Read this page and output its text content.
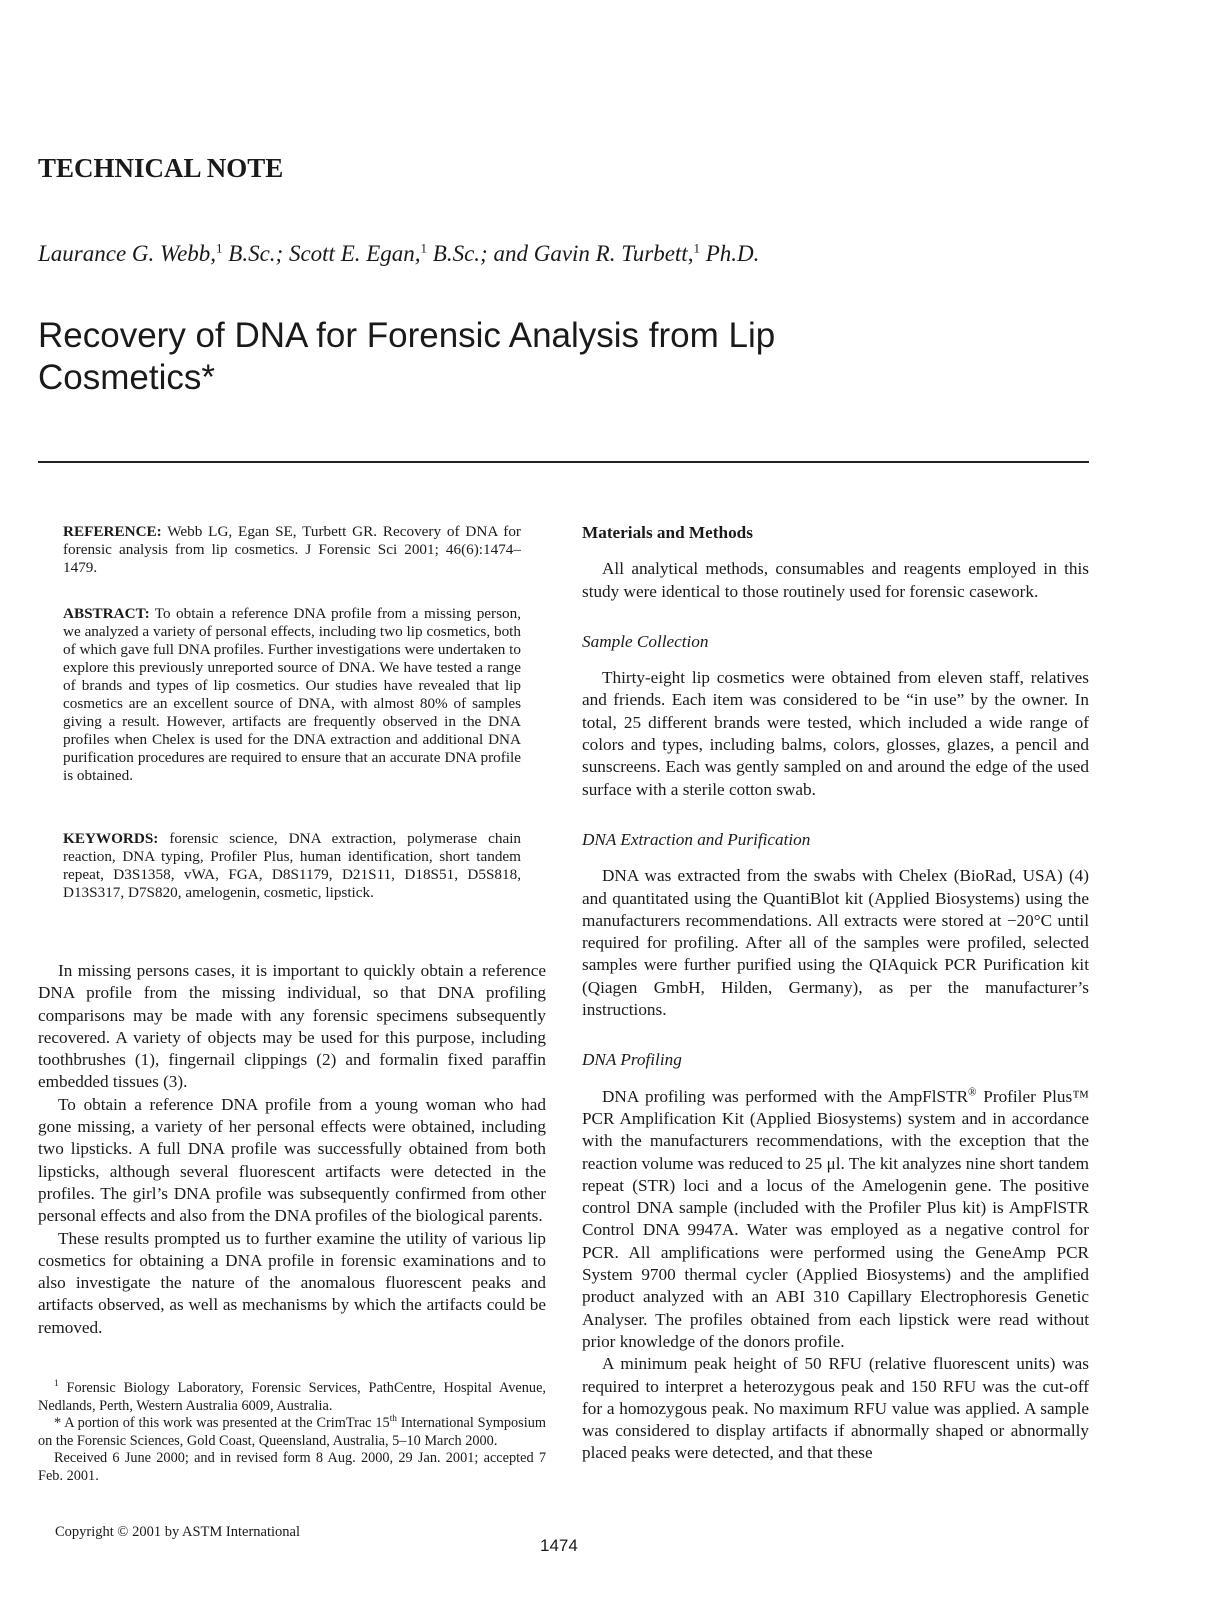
TECHNICAL NOTE
Laurance G. Webb,$^1$ B.Sc.; Scott E. Egan,$^1$ B.Sc.; and Gavin R. Turbett,$^1$ Ph.D.
Recovery of DNA for Forensic Analysis from Lip Cosmetics*
REFERENCE: Webb LG, Egan SE, Turbett GR. Recovery of DNA for forensic analysis from lip cosmetics. J Forensic Sci 2001; 46(6):1474–1479.
ABSTRACT: To obtain a reference DNA profile from a missing person, we analyzed a variety of personal effects, including two lip cosmetics, both of which gave full DNA profiles. Further investigations were undertaken to explore this previously unreported source of DNA. We have tested a range of brands and types of lip cosmetics. Our studies have revealed that lip cosmetics are an excellent source of DNA, with almost 80% of samples giving a result. However, artifacts are frequently observed in the DNA profiles when Chelex is used for the DNA extraction and additional DNA purification procedures are required to ensure that an accurate DNA profile is obtained.
KEYWORDS: forensic science, DNA extraction, polymerase chain reaction, DNA typing, Profiler Plus, human identification, short tandem repeat, D3S1358, vWA, FGA, D8S1179, D21S11, D18S51, D5S818, D13S317, D7S820, amelogenin, cosmetic, lipstick.

In missing persons cases, it is important to quickly obtain a reference DNA profile from the missing individual, so that DNA profiling comparisons may be made with any forensic specimens subsequently recovered. A variety of objects may be used for this purpose, including toothbrushes (1), fingernail clippings (2) and formalin fixed paraffin embedded tissues (3).

To obtain a reference DNA profile from a young woman who had gone missing, a variety of her personal effects were obtained, including two lipsticks. A full DNA profile was successfully obtained from both lipsticks, although several fluorescent artifacts were detected in the profiles. The girl’s DNA profile was subsequently confirmed from other personal effects and also from the DNA profiles of the biological parents.

These results prompted us to further examine the utility of various lip cosmetics for obtaining a DNA profile in forensic examinations and to also investigate the nature of the anomalous fluorescent peaks and artifacts observed, as well as mechanisms by which the artifacts could be removed.

$^1$ Forensic Biology Laboratory, Forensic Services, PathCentre, Hospital Avenue, Nedlands, Perth, Western Australia 6009, Australia.

* A portion of this work was presented at the CrimTrac 15th International Symposium on the Forensic Sciences, Gold Coast, Queensland, Australia, 5–10 March 2000.

Received 6 June 2000; and in revised form 8 Aug. 2000, 29 Jan. 2001; accepted 7 Feb. 2001.

Materials and Methods

All analytical methods, consumables and reagents employed in this study were identical to those routinely used for forensic casework.

Sample Collection

Thirty-eight lip cosmetics were obtained from eleven staff, relatives and friends. Each item was considered to be “in use” by the owner. In total, 25 different brands were tested, which included a wide range of colors and types, including balms, colors, glosses, glazes, a pencil and sunscreens. Each was gently sampled on and around the edge of the used surface with a sterile cotton swab.

DNA Extraction and Purification

DNA was extracted from the swabs with Chelex (BioRad, USA) (4) and quantitated using the QuantiBlot kit (Applied Biosystems) using the manufacturers recommendations. All extracts were stored at −20°C until required for profiling. After all of the samples were profiled, selected samples were further purified using the QIAquick PCR Purification kit (Qiagen GmbH, Hilden, Germany), as per the manufacturer’s instructions.

DNA Profiling

DNA profiling was performed with the AmpFlSTR® Profiler Plus™ PCR Amplification Kit (Applied Biosystems) system and in accordance with the manufacturers recommendations, with the exception that the reaction volume was reduced to 25 μl. The kit analyzes nine short tandem repeat (STR) loci and a locus of the Amelogenin gene. The positive control DNA sample (included with the Profiler Plus kit) is AmpFlSTR Control DNA 9947A. Water was employed as a negative control for PCR. All amplifications were performed using the GeneAmp PCR System 9700 thermal cycler (Applied Biosystems) and the amplified product analyzed with an ABI 310 Capillary Electrophoresis Genetic Analyser. The profiles obtained from each lipstick were read without prior knowledge of the donors profile.

A minimum peak height of 50 RFU (relative fluorescent units) was required to interpret a heterozygous peak and 150 RFU was the cut-off for a homozygous peak. No maximum RFU value was applied. A sample was considered to display artifacts if abnormally shaped or abnormally placed peaks were detected, and that these

Copyright © 2001 by ASTM International
1474
